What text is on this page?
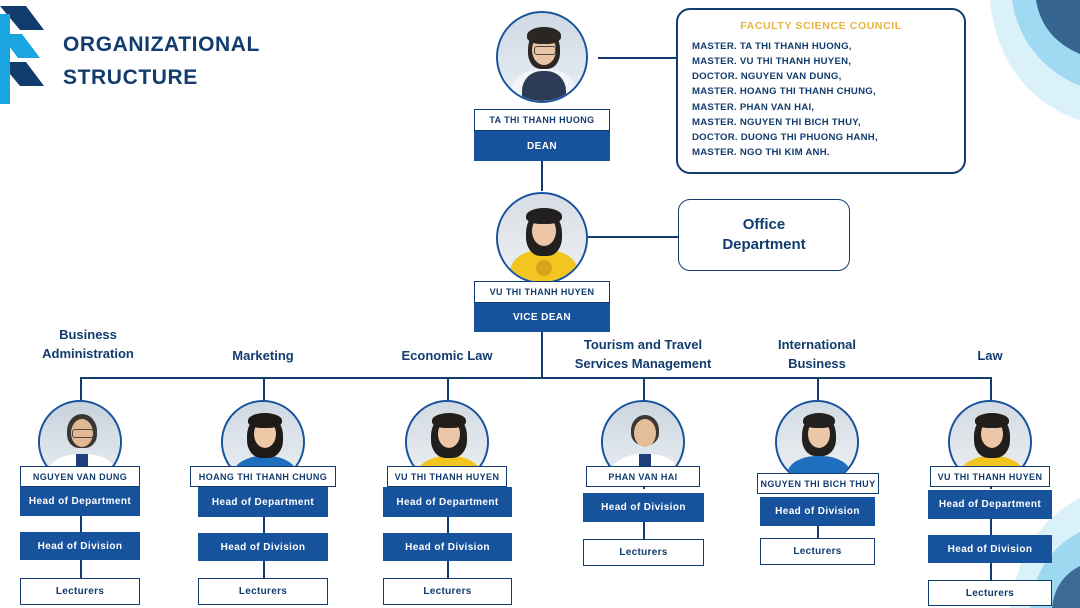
ORGANIZATIONAL
STRUCTURE
FACULTY SCIENCE COUNCIL
MASTER. TA THI THANH HUONG,
MASTER. VU THI THANH HUYEN,
DOCTOR. NGUYEN VAN DUNG,
MASTER. HOANG THI THANH CHUNG,
MASTER. PHAN VAN HAI,
MASTER. NGUYEN THI BICH THUY,
DOCTOR. DUONG THI PHUONG HANH,
MASTER. NGO THI KIM ANH.
TA THI THANH HUONG
DEAN
VU THI THANH HUYEN
VICE DEAN
Office
Department
Business
Administration
NGUYEN VAN DUNG
Head of Department
Head of Division
Lecturers
Marketing
HOANG THI THANH CHUNG
Head of Department
Head of Division
Lecturers
Economic Law
VU THI THANH HUYEN
Head of Department
Head of Division
Lecturers
Tourism and Travel
Services Management
PHAN VAN HAI
Head of Division
Lecturers
International
Business
NGUYEN THI BICH THUY
Head of Division
Lecturers
Law
VU THI THANH HUYEN
Head of Department
Head of Division
Lecturers
